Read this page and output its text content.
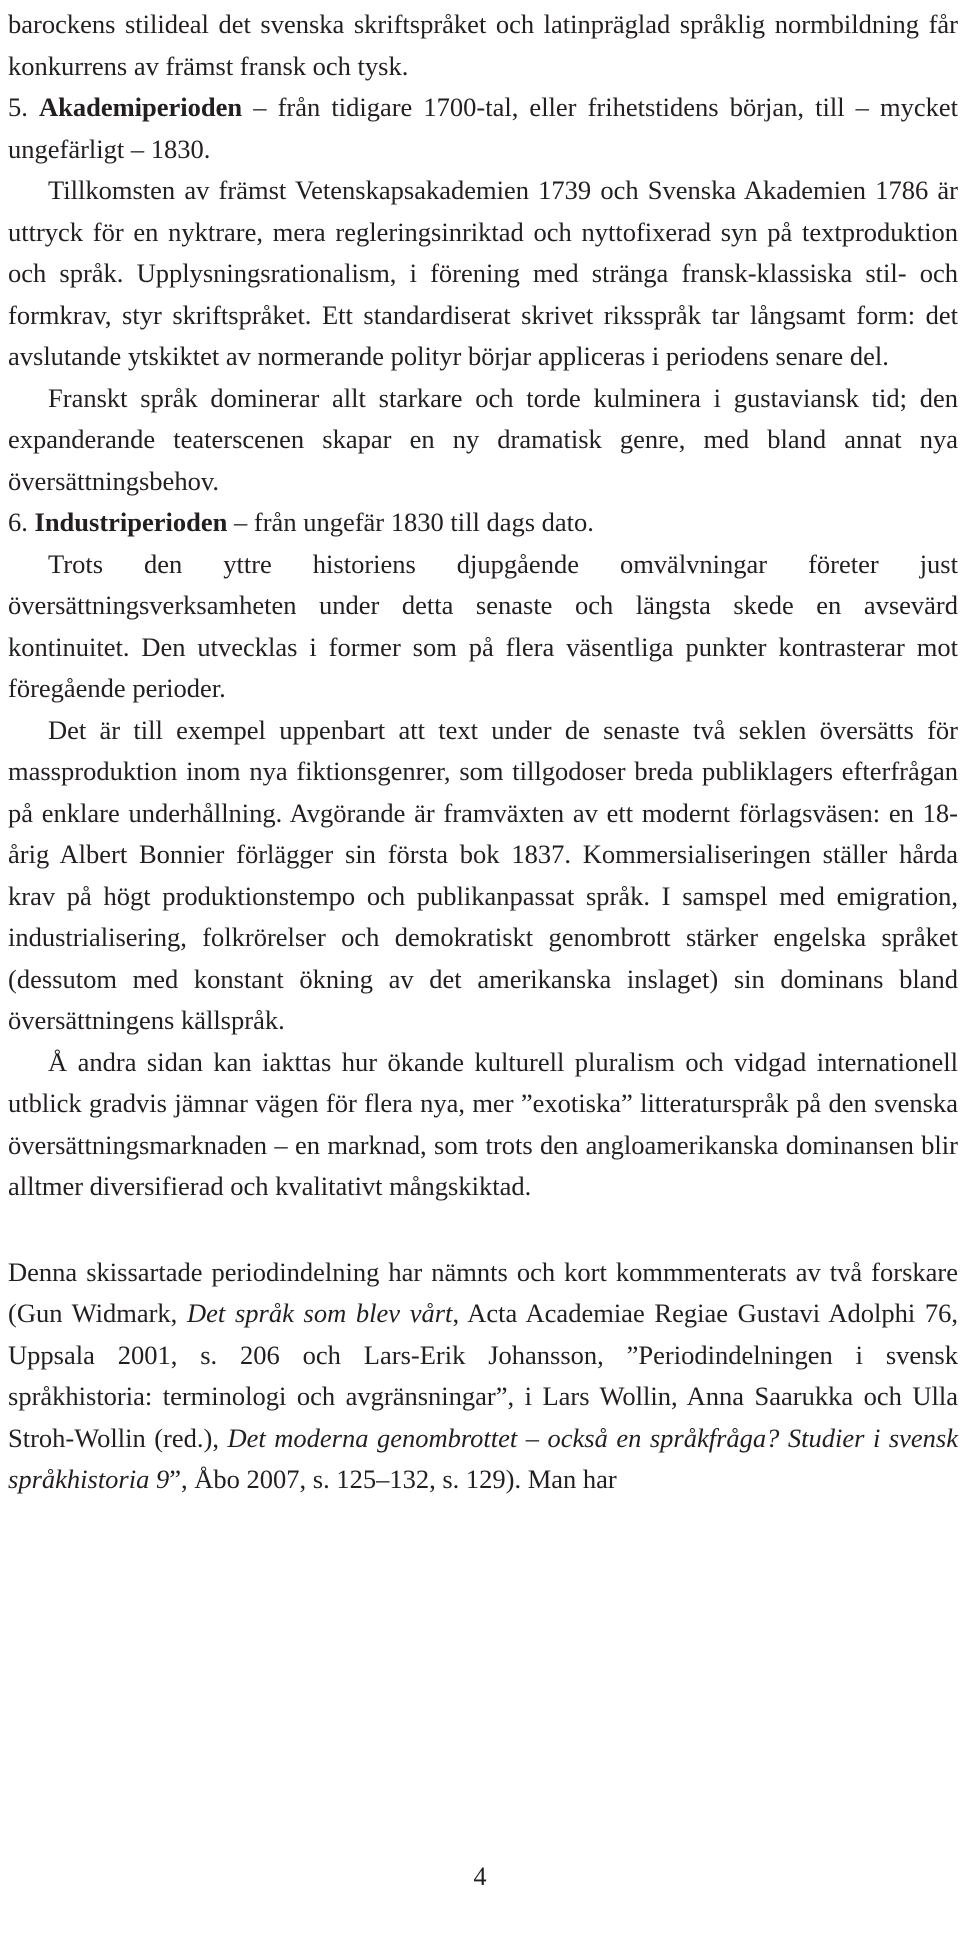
barockens stilideal det svenska skriftspråket och latinpräglad språklig normbildning får konkurrens av främst fransk och tysk.

5. Akademiperioden – från tidigare 1700-tal, eller frihetstidens början, till – mycket ungefärligt – 1830.

Tillkomsten av främst Vetenskapsakademien 1739 och Svenska Akademien 1786 är uttryck för en nyktrare, mera regleringsinriktad och nyttofixerad syn på textproduktion och språk. Upplysningsrationalism, i förening med stränga fransk-klassiska stil- och formkrav, styr skriftspråket. Ett standardiserat skrivet riksspråk tar långsamt form: det avslutande ytskiktet av normerande polityr börjar appliceras i periodens senare del.

Franskt språk dominerar allt starkare och torde kulminera i gustaviansk tid; den expanderande teaterscenen skapar en ny dramatisk genre, med bland annat nya översättningsbehov.

6. Industriperioden – från ungefär 1830 till dags dato.

Trots den yttre historiens djupgående omvälvningar företer just översättningsverksamheten under detta senaste och längsta skede en avsevärd kontinuitet. Den utvecklas i former som på flera väsentliga punkter kontrasterar mot föregående perioder.

Det är till exempel uppenbart att text under de senaste två seklen översätts för massproduktion inom nya fiktionsgenrer, som tillgodoser breda publiklagers efterfrågan på enklare underhållning. Avgörande är framväxten av ett modernt förlagsväsen: en 18-årig Albert Bonnier förlägger sin första bok 1837. Kommersialiseringen ställer hårda krav på högt produktionstempo och publikanpassat språk. I samspel med emigration, industrialisering, folkrörelser och demokratiskt genombrott stärker engelska språket (dessutom med konstant ökning av det amerikanska inslaget) sin dominans bland översättningens källspråk.

Å andra sidan kan iakttas hur ökande kulturell pluralism och vidgad internationell utblick gradvis jämnar vägen för flera nya, mer ”exotiska” litteraturspråk på den svenska översättningsmarknaden – en marknad, som trots den angloamerikanska dominansen blir alltmer diversifierad och kvalitativt mångskiktad.

Denna skissartade periodindelning har nämnts och kort kommmenterats av två forskare (Gun Widmark, Det språk som blev vårt, Acta Academiae Regiae Gustavi Adolphi 76, Uppsala 2001, s. 206 och Lars-Erik Johansson, ”Periodindelningen i svensk språkhistoria: terminologi och avgränsningar”, i Lars Wollin, Anna Saarukka och Ulla Stroh-Wollin (red.), Det moderna genombrottet – också en språkfråga? Studier i svensk språkhistoria 9”, Åbo 2007, s. 125–132, s. 129). Man har

4
